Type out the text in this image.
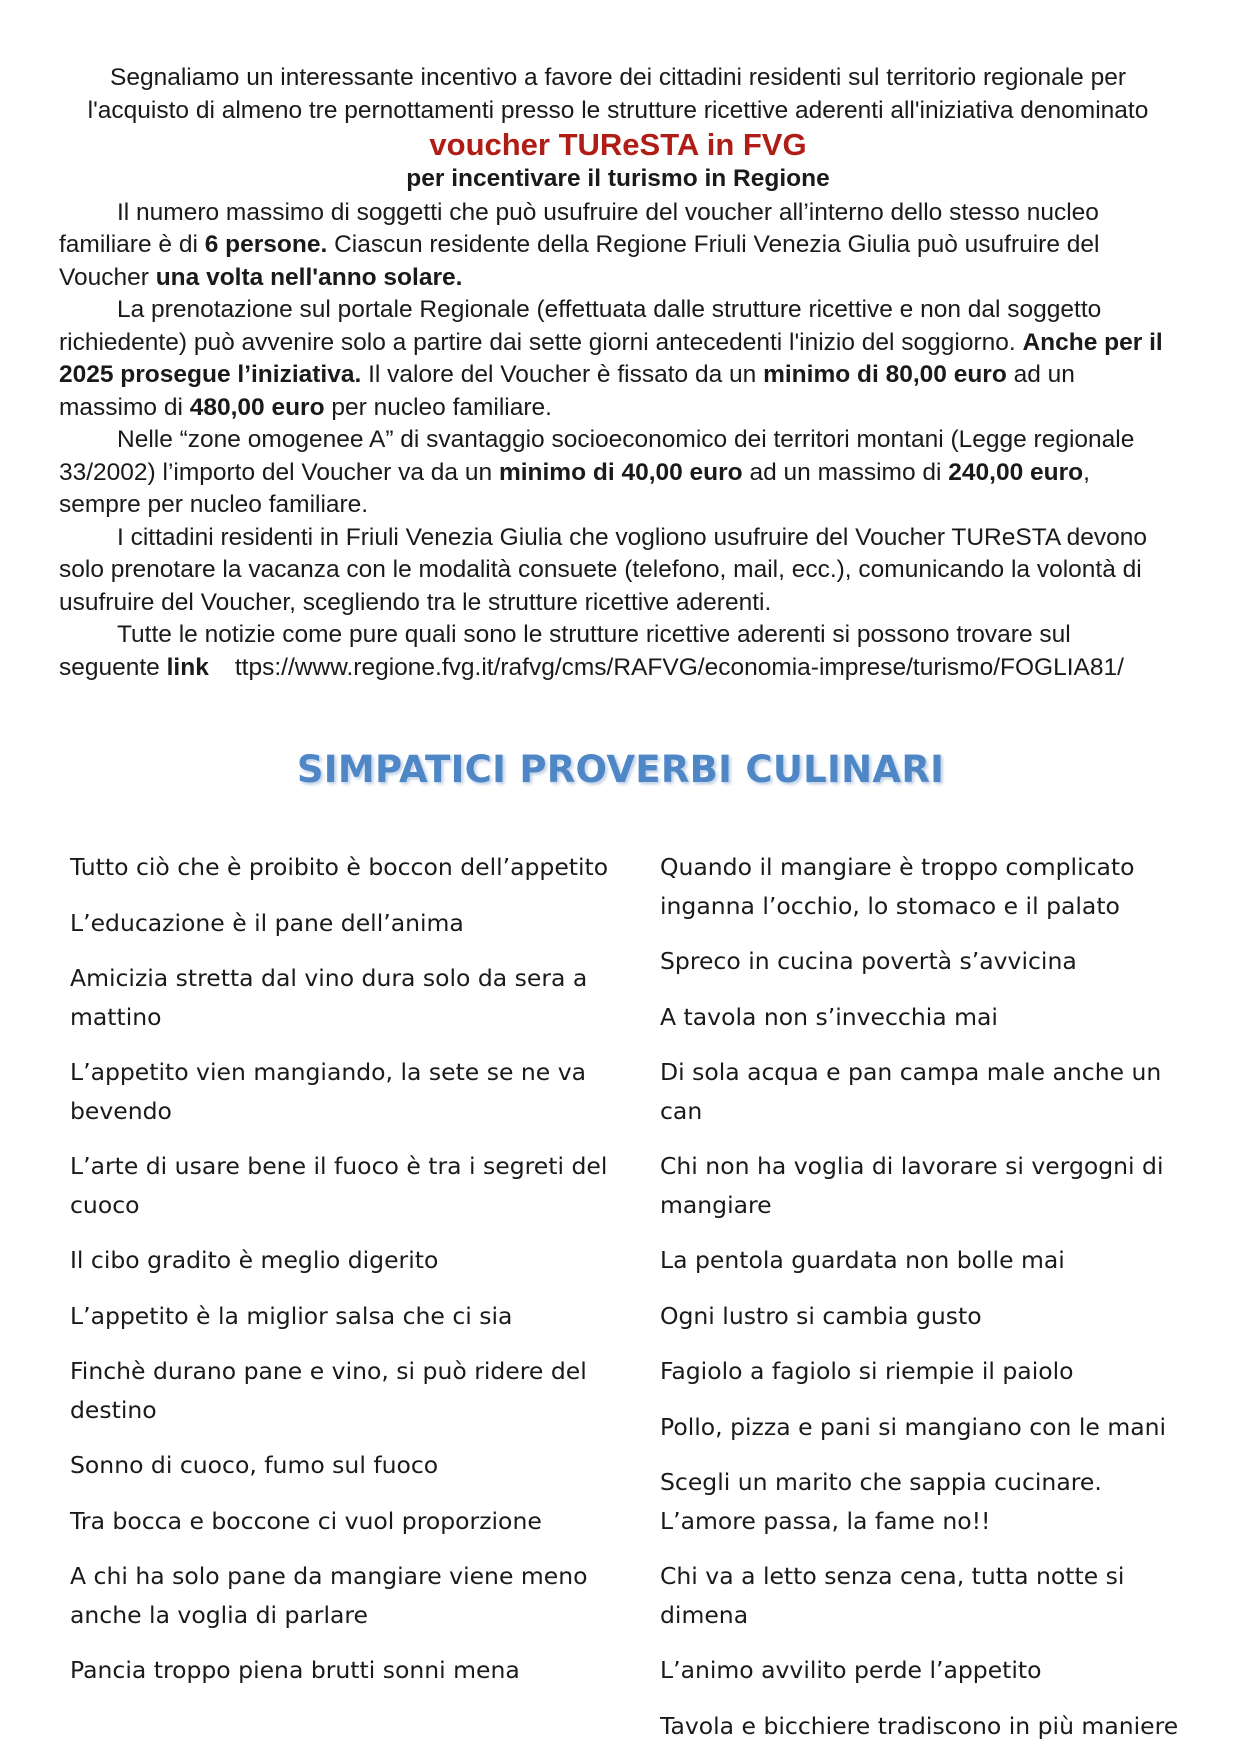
Segnaliamo un interessante incentivo a favore dei cittadini residenti sul territorio regionale per l'acquisto di almeno tre pernottamenti presso le strutture ricettive aderenti all'iniziativa denominato

voucher TUReSTA in FVG

per incentivare il turismo in Regione

Il numero massimo di soggetti che può usufruire del voucher all’interno dello stesso nucleo familiare è di 6 persone. Ciascun residente della Regione Friuli Venezia Giulia può usufruire del Voucher una volta nell'anno solare.

La prenotazione sul portale Regionale (effettuata dalle strutture ricettive e non dal soggetto richiedente) può avvenire solo a partire dai sette giorni antecedenti l'inizio del soggiorno. Anche per il 2025 prosegue l’iniziativa. Il valore del Voucher è fissato da un minimo di 80,00 euro ad un massimo di 480,00 euro per nucleo familiare.

Nelle “zone omogenee A” di svantaggio socioeconomico dei territori montani (Legge regionale 33/2002) l’importo del Voucher va da un minimo di 40,00 euro ad un massimo di 240,00 euro, sempre per nucleo familiare.

I cittadini residenti in Friuli Venezia Giulia che vogliono usufruire del Voucher TUReSTA devono solo prenotare la vacanza con le modalità consuete (telefono, mail, ecc.), comunicando la volontà di usufruire del Voucher, scegliendo tra le strutture ricettive aderenti.

Tutte le notizie come pure quali sono le strutture ricettive aderenti si possono trovare sul seguente link ttps://www.regione.fvg.it/rafvg/cms/RAFVG/economia-imprese/turismo/FOGLIA81/

SIMPATICI PROVERBI CULINARI
Tutto ciò che è proibito è boccon dell’appetito
L’educazione è il pane dell’anima
Amicizia stretta dal vino dura solo da sera a mattino
L’appetito vien mangiando, la sete se ne va bevendo
L’arte di usare bene il fuoco è tra i segreti del cuoco
Il cibo gradito è meglio digerito
L’appetito è la miglior salsa che ci sia
Finchè durano pane e vino, si può ridere del destino
Sonno di cuoco, fumo sul fuoco
Tra bocca e boccone ci vuol proporzione
A chi ha solo pane da mangiare viene meno anche la voglia di parlare
Pancia troppo piena brutti sonni mena
Quando il mangiare è troppo complicato inganna l’occhio, lo stomaco e il palato
Spreco in cucina povertà s’avvicina
A tavola non s’invecchia mai
Di sola acqua e pan campa male anche un can
Chi non ha voglia di lavorare si vergogni di mangiare
La pentola guardata non bolle mai
Ogni lustro si cambia gusto
Fagiolo a fagiolo si riempie il paiolo
Pollo, pizza e pani si mangiano con le mani
Scegli un marito che sappia cucinare. L’amore passa, la fame no!!
Chi va a letto senza cena, tutta notte si dimena
L’animo avvilito perde l’appetito
Tavola e bicchiere tradiscono in più maniere
